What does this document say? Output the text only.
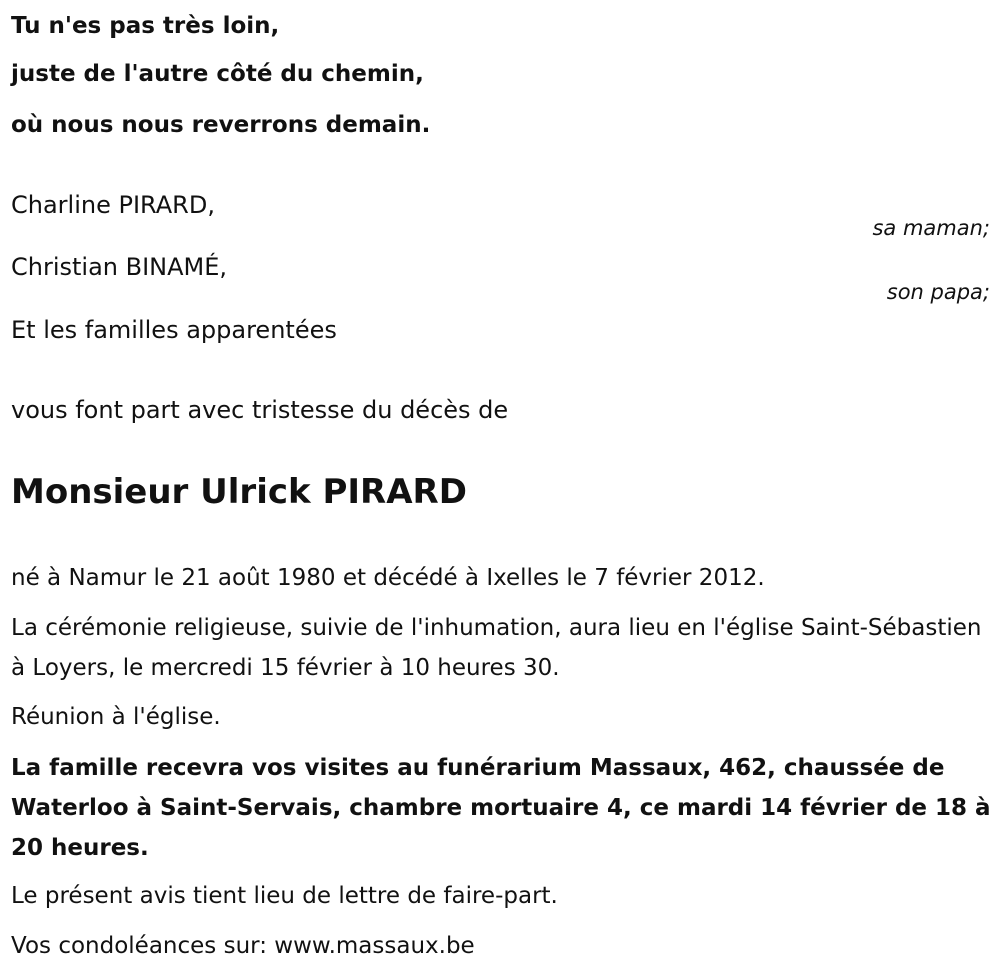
Tu n'es pas très loin,
juste de l'autre côté du chemin,
où nous nous reverrons demain.
Charline PIRARD,
sa maman;
Christian BINAMÉ,
son papa;
Et les familles apparentées
vous font part avec tristesse du décès de
Monsieur Ulrick PIRARD
né à Namur le 21 août 1980 et décédé à Ixelles le 7 février 2012.
La cérémonie religieuse, suivie de l'inhumation, aura lieu en l'église Saint-Sébastien à Loyers, le mercredi 15 février à 10 heures 30.
Réunion à l'église.
La famille recevra vos visites au funérarium Massaux, 462, chaussée de Waterloo à Saint-Servais, chambre mortuaire 4, ce mardi 14 février de 18 à 20 heures.
Le présent avis tient lieu de lettre de faire-part.
Vos condoléances sur: www.massaux.be
